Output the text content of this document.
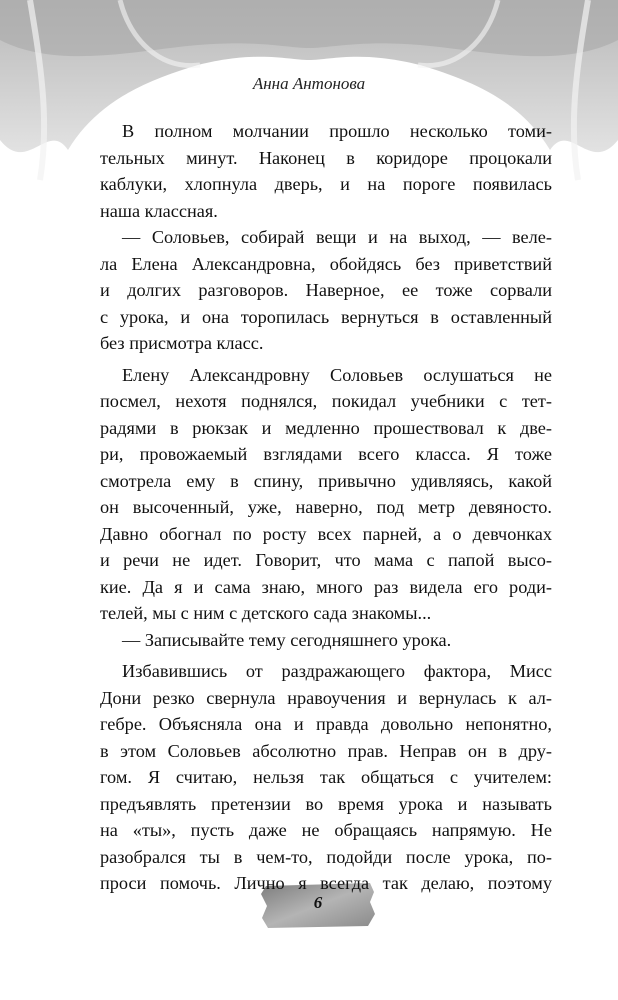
Анна Антонова

В полном молчании прошло несколько томи-

тельных минут. Наконец в коридоре процокали

каблуки, хлопнула дверь, и на пороге появилась

наша классная.

— Соловьев, собирай вещи и на выход, — веле-

ла Елена Александровна, обойдясь без приветствий

и долгих разговоров. Наверное, ее тоже сорвали

с урока, и она торопилась вернуться в оставленный

без присмотра класс.

Елену Александровну Соловьев ослушаться не

посмел, нехотя поднялся, покидал учебники с тет-

радями в рюкзак и медленно прошествовал к две-

ри, провожаемый взглядами всего класса. Я тоже

смотрела ему в спину, привычно удивляясь, какой

он высоченный, уже, наверно, под метр девяносто.

Давно обогнал по росту всех парней, а о девчонках

и речи не идет. Говорит, что мама с папой высо-

кие. Да я и сама знаю, много раз видела его роди-

телей, мы с ним с детского сада знакомы...

— Записывайте тему сегодняшнего урока.

Избавившись от раздражающего фактора, Мисс

Дони резко свернула нравоучения и вернулась к ал-

гебре. Объясняла она и правда довольно непонятно,

в этом Соловьев абсолютно прав. Неправ он в дру-

гом. Я считаю, нельзя так общаться с учителем:

предъявлять претензии во время урока и называть

на «ты», пусть даже не обращаясь напрямую. Не

разобрался ты в чем-то, подойди после урока, по-

проси помочь. Лично я всегда так делаю, поэтому

6
